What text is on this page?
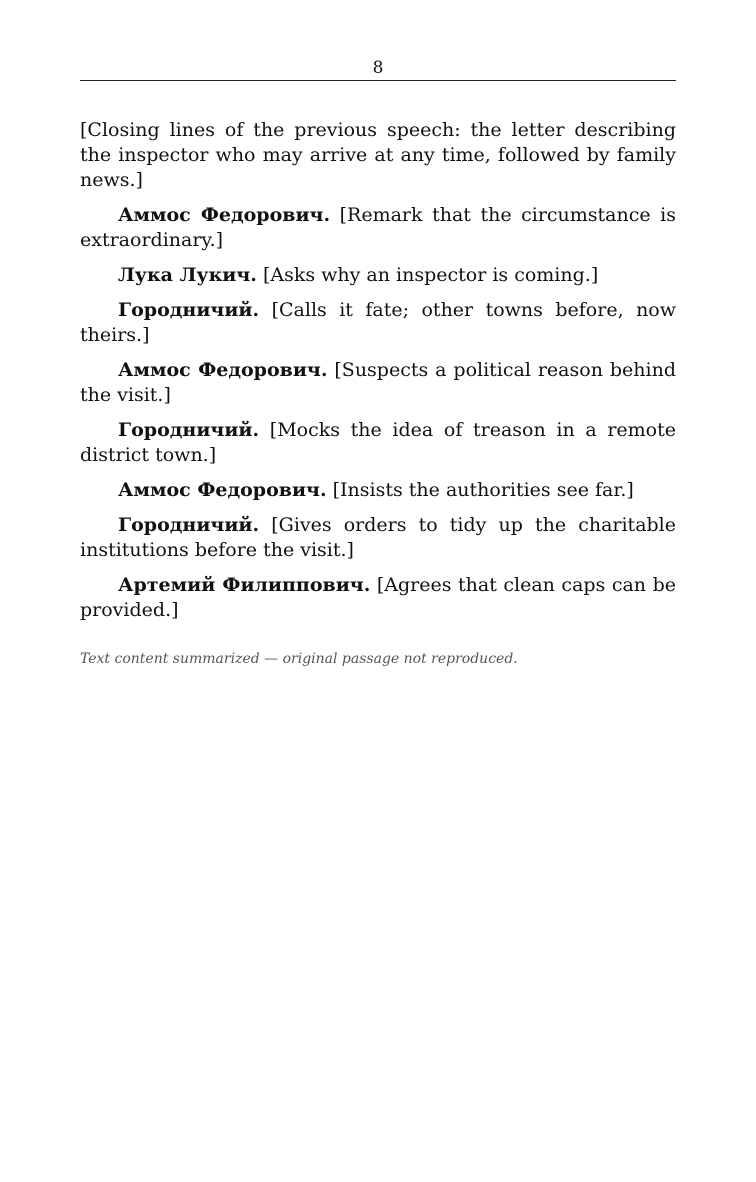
8

[Closing lines of the previous speech: the letter describing the inspector who may arrive at any time, followed by family news.]

Аммос Федорович. [Remark that the circumstance is extraordinary.]

Лука Лукич. [Asks why an inspector is coming.]

Городничий. [Calls it fate; other towns before, now theirs.]

Аммос Федорович. [Suspects a political reason behind the visit.]

Городничий. [Mocks the idea of treason in a remote district town.]

Аммос Федорович. [Insists the authorities see far.]

Городничий. [Gives orders to tidy up the charitable institutions before the visit.]

Артемий Филиппович. [Agrees that clean caps can be provided.]

Text content summarized — original passage not reproduced.
